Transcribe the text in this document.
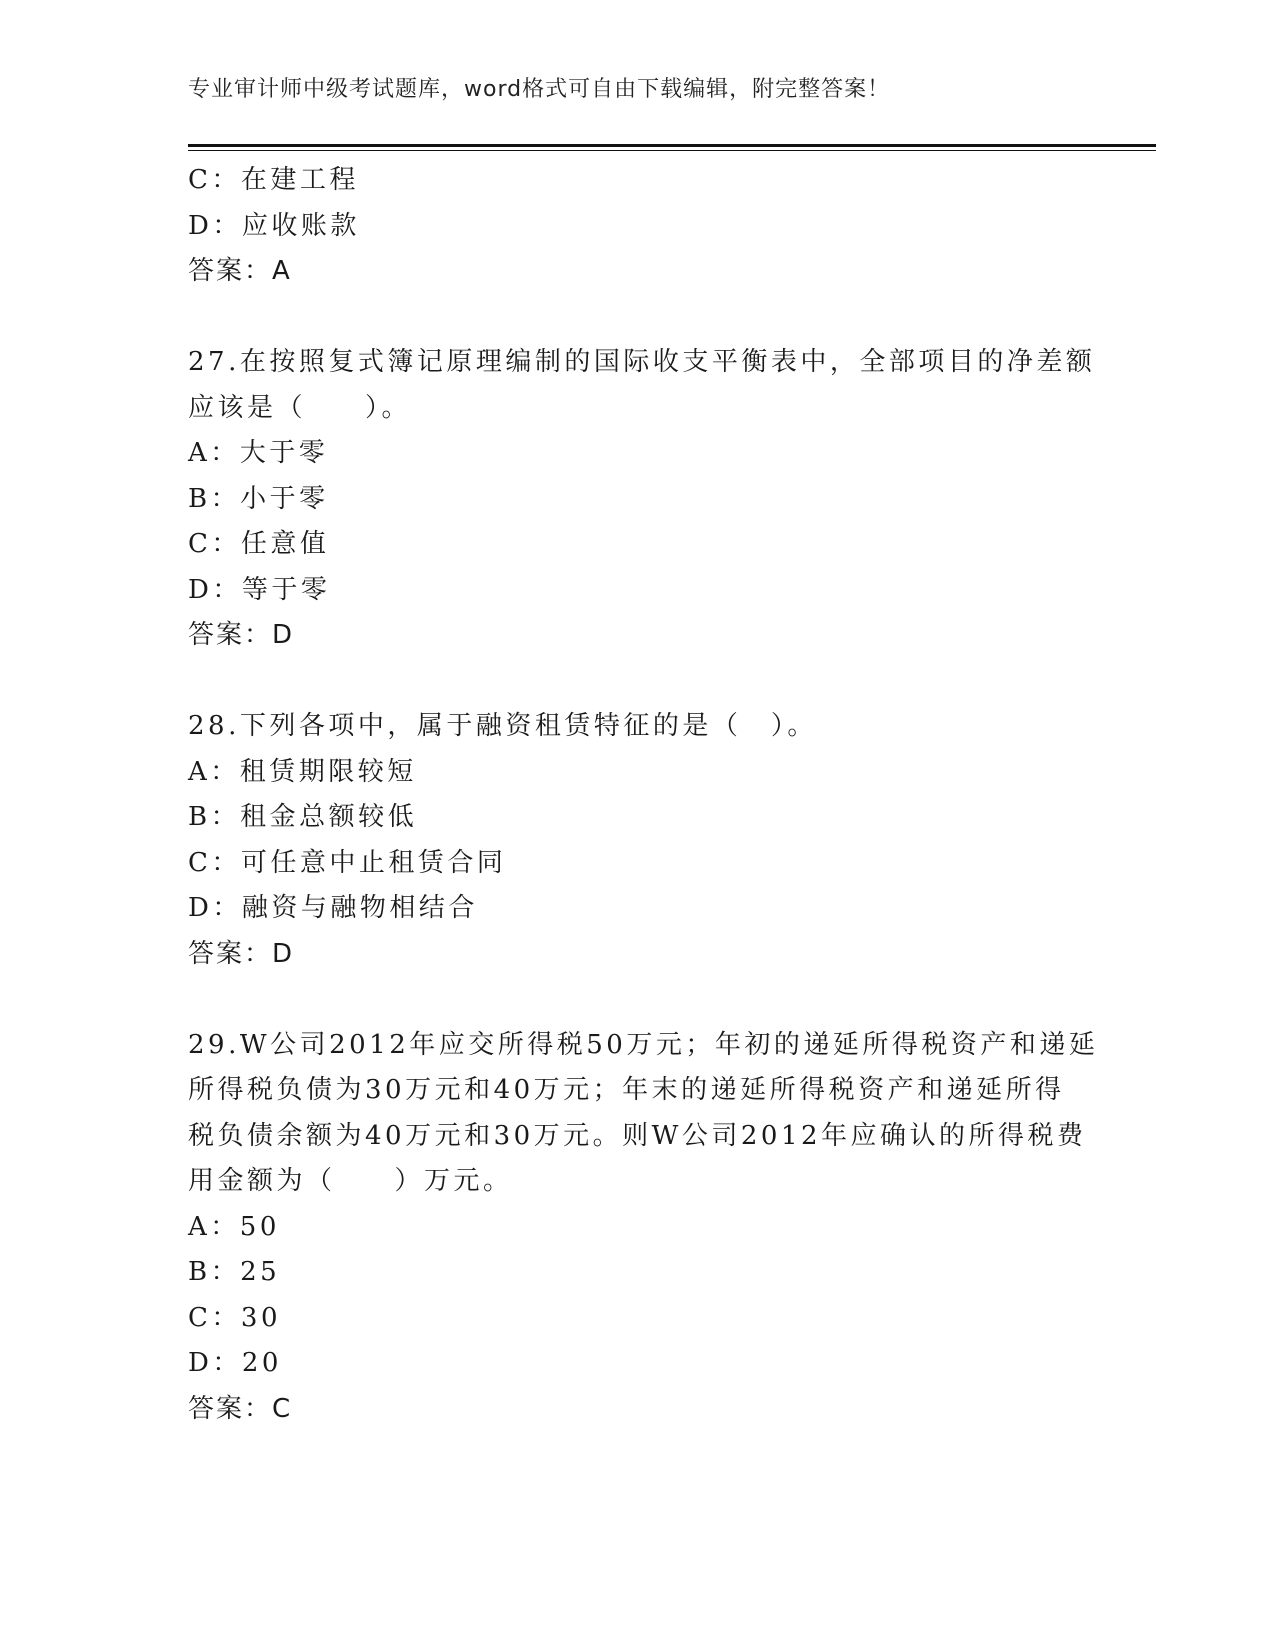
专业审计师中级考试题库，word格式可自由下载编辑，附完整答案！
C：在建工程
D：应收账款
答案：A
27.在按照复式簿记原理编制的国际收支平衡表中，全部项目的净差额
应该是（　　）。
A：大于零
B：小于零
C：任意值
D：等于零
答案：D
28.下列各项中，属于融资租赁特征的是（　）。
A：租赁期限较短
B：租金总额较低
C：可任意中止租赁合同
D：融资与融物相结合
答案：D
29.W公司2012年应交所得税50万元；年初的递延所得税资产和递延
所得税负债为30万元和40万元；年末的递延所得税资产和递延所得
税负债余额为40万元和30万元。则W公司2012年应确认的所得税费
用金额为（　　）万元。
A：50
B：25
C：30
D：20
答案：C
